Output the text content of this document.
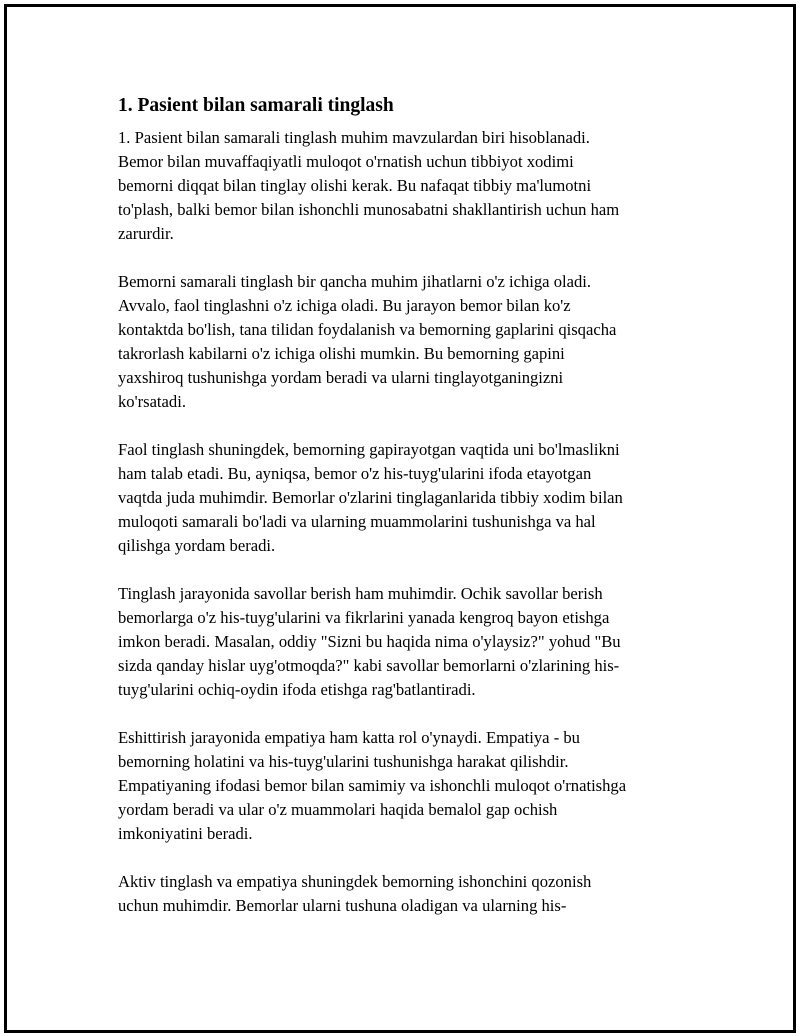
1. Pasient bilan samarali tinglash
1. Pasient bilan samarali tinglash muhim mavzulardan biri hisoblanadi.
Bemor bilan muvaffaqiyatli muloqot o'rnatish uchun tibbiyot xodimi
bemorni diqqat bilan tinglay olishi kerak. Bu nafaqat tibbiy ma'lumotni
to'plash, balki bemor bilan ishonchli munosabatni shakllantirish uchun ham
zarurdir.
Bemorni samarali tinglash bir qancha muhim jihatlarni o'z ichiga oladi.
Avvalo, faol tinglashni o'z ichiga oladi. Bu jarayon bemor bilan ko'z
kontaktda bo'lish, tana tilidan foydalanish va bemorning gaplarini qisqacha
takrorlash kabilarni o'z ichiga olishi mumkin. Bu bemorning gapini
yaxshiroq tushunishga yordam beradi va ularni tinglayotganingizni
ko'rsatadi.
Faol tinglash shuningdek, bemorning gapirayotgan vaqtida uni bo'lmaslikni
ham talab etadi. Bu, ayniqsa, bemor o'z his-tuyg'ularini ifoda etayotgan
vaqtda juda muhimdir. Bemorlar o'zlarini tinglaganlarida tibbiy xodim bilan
muloqoti samarali bo'ladi va ularning muammolarini tushunishga va hal
qilishga yordam beradi.
Tinglash jarayonida savollar berish ham muhimdir. Ochik savollar berish
bemorlarga o'z his-tuyg'ularini va fikrlarini yanada kengroq bayon etishga
imkon beradi. Masalan, oddiy "Sizni bu haqida nima o'ylaysiz?" yohud "Bu
sizda qanday hislar uyg'otmoqda?" kabi savollar bemorlarni o'zlarining his-
tuyg'ularini ochiq-oydin ifoda etishga rag'batlantiradi.
Eshittirish jarayonida empatiya ham katta rol o'ynaydi. Empatiya - bu
bemorning holatini va his-tuyg'ularini tushunishga harakat qilishdir.
Empatiyaning ifodasi bemor bilan samimiy va ishonchli muloqot o'rnatishga
yordam beradi va ular o'z muammolari haqida bemalol gap ochish
imkoniyatini beradi.
Aktiv tinglash va empatiya shuningdek bemorning ishonchini qozonish
uchun muhimdir. Bemorlar ularni tushuna oladigan va ularning his-
